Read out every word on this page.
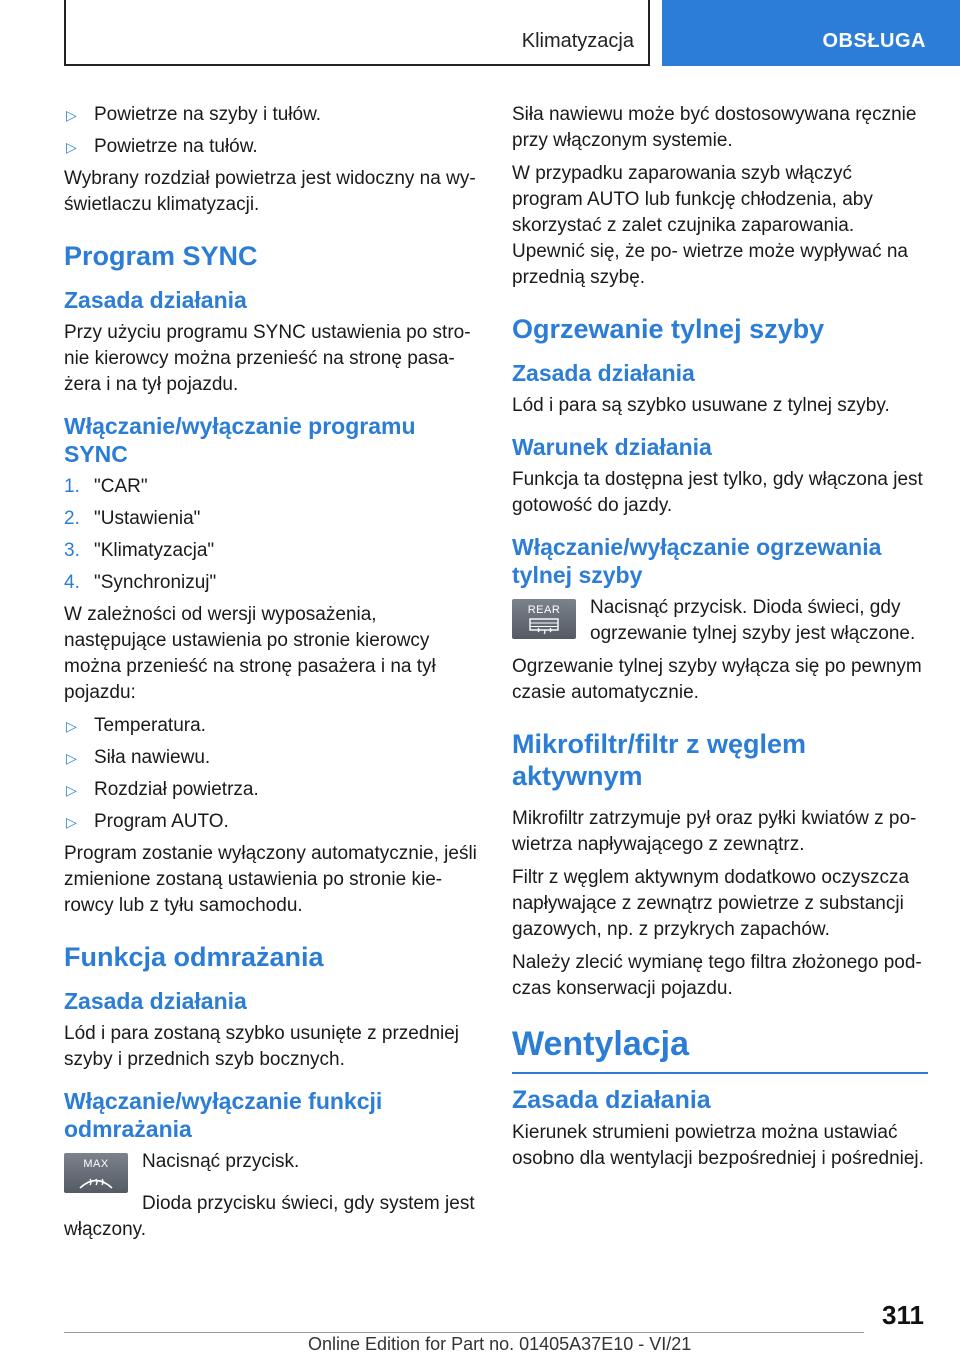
Klimatyzacja	OBSŁUGA
▷ Powietrze na szyby i tułów.
▷ Powietrze na tułów.

Wybrany rozdział powietrza jest widoczny na wy‐ świetlaczu klimatyzacji.

Program SYNC
Zasada działania

Przy użyciu programu SYNC ustawienia po stro‐ nie kierowcy można przenieść na stronę pasa‐ żera i na tył pojazdu.

Włączanie/wyłączanie programu SYNC
1. "CAR"
2. "Ustawienia"
3. "Klimatyzacja"
4. "Synchronizuj"

W zależności od wersji wyposażenia, następujące ustawienia po stronie kierowcy można przenieść na stronę pasażera i na tył pojazdu:

▷ Temperatura.
▷ Siła nawiewu.
▷ Rozdział powietrza.
▷ Program AUTO.

Program zostanie wyłączony automatycznie, jeśli zmienione zostaną ustawienia po stronie kie‐ rowcy lub z tyłu samochodu.

Funkcja odmrażania
Zasada działania

Lód i para zostaną szybko usunięte z przedniej szyby i przednich szyb bocznych.

Włączanie/wyłączanie funkcji odmrażania
MAX	Nacisnąć przycisk.

Dioda przycisku świeci, gdy system jest włączony.

Siła nawiewu może być dostosowywana ręcznie przy włączonym systemie.

W przypadku zaparowania szyb włączyć program AUTO lub funkcję chłodzenia, aby skorzystać z zalet czujnika zaparowania. Upewnić się, że po‐ wietrze może wypływać na przednią szybę.

Ogrzewanie tylnej szyby
Zasada działania

Lód i para są szybko usuwane z tylnej szyby.

Warunek działania

Funkcja ta dostępna jest tylko, gdy włączona jest gotowość do jazdy.

Włączanie/wyłączanie ogrzewania tylnej szyby
REAR	Nacisnąć przycisk. Dioda świeci, gdy ogrzewanie tylnej szyby jest włączone.

Ogrzewanie tylnej szyby wyłącza się po pewnym czasie automatycznie.

Mikrofiltr/filtr z węglem aktywnym

Mikrofiltr zatrzymuje pył oraz pyłki kwiatów z po‐ wietrza napływającego z zewnątrz.

Filtr z węglem aktywnym dodatkowo oczyszcza napływające z zewnątrz powietrze z substancji gazowych, np. z przykrych zapachów.

Należy zlecić wymianę tego filtra złożonego pod‐ czas konserwacji pojazdu.

Wentylacja
Zasada działania

Kierunek strumieni powietrza można ustawiać osobno dla wentylacji bezpośredniej i pośredniej.

311
Online Edition for Part no. 01405A37E10 - VI/21
